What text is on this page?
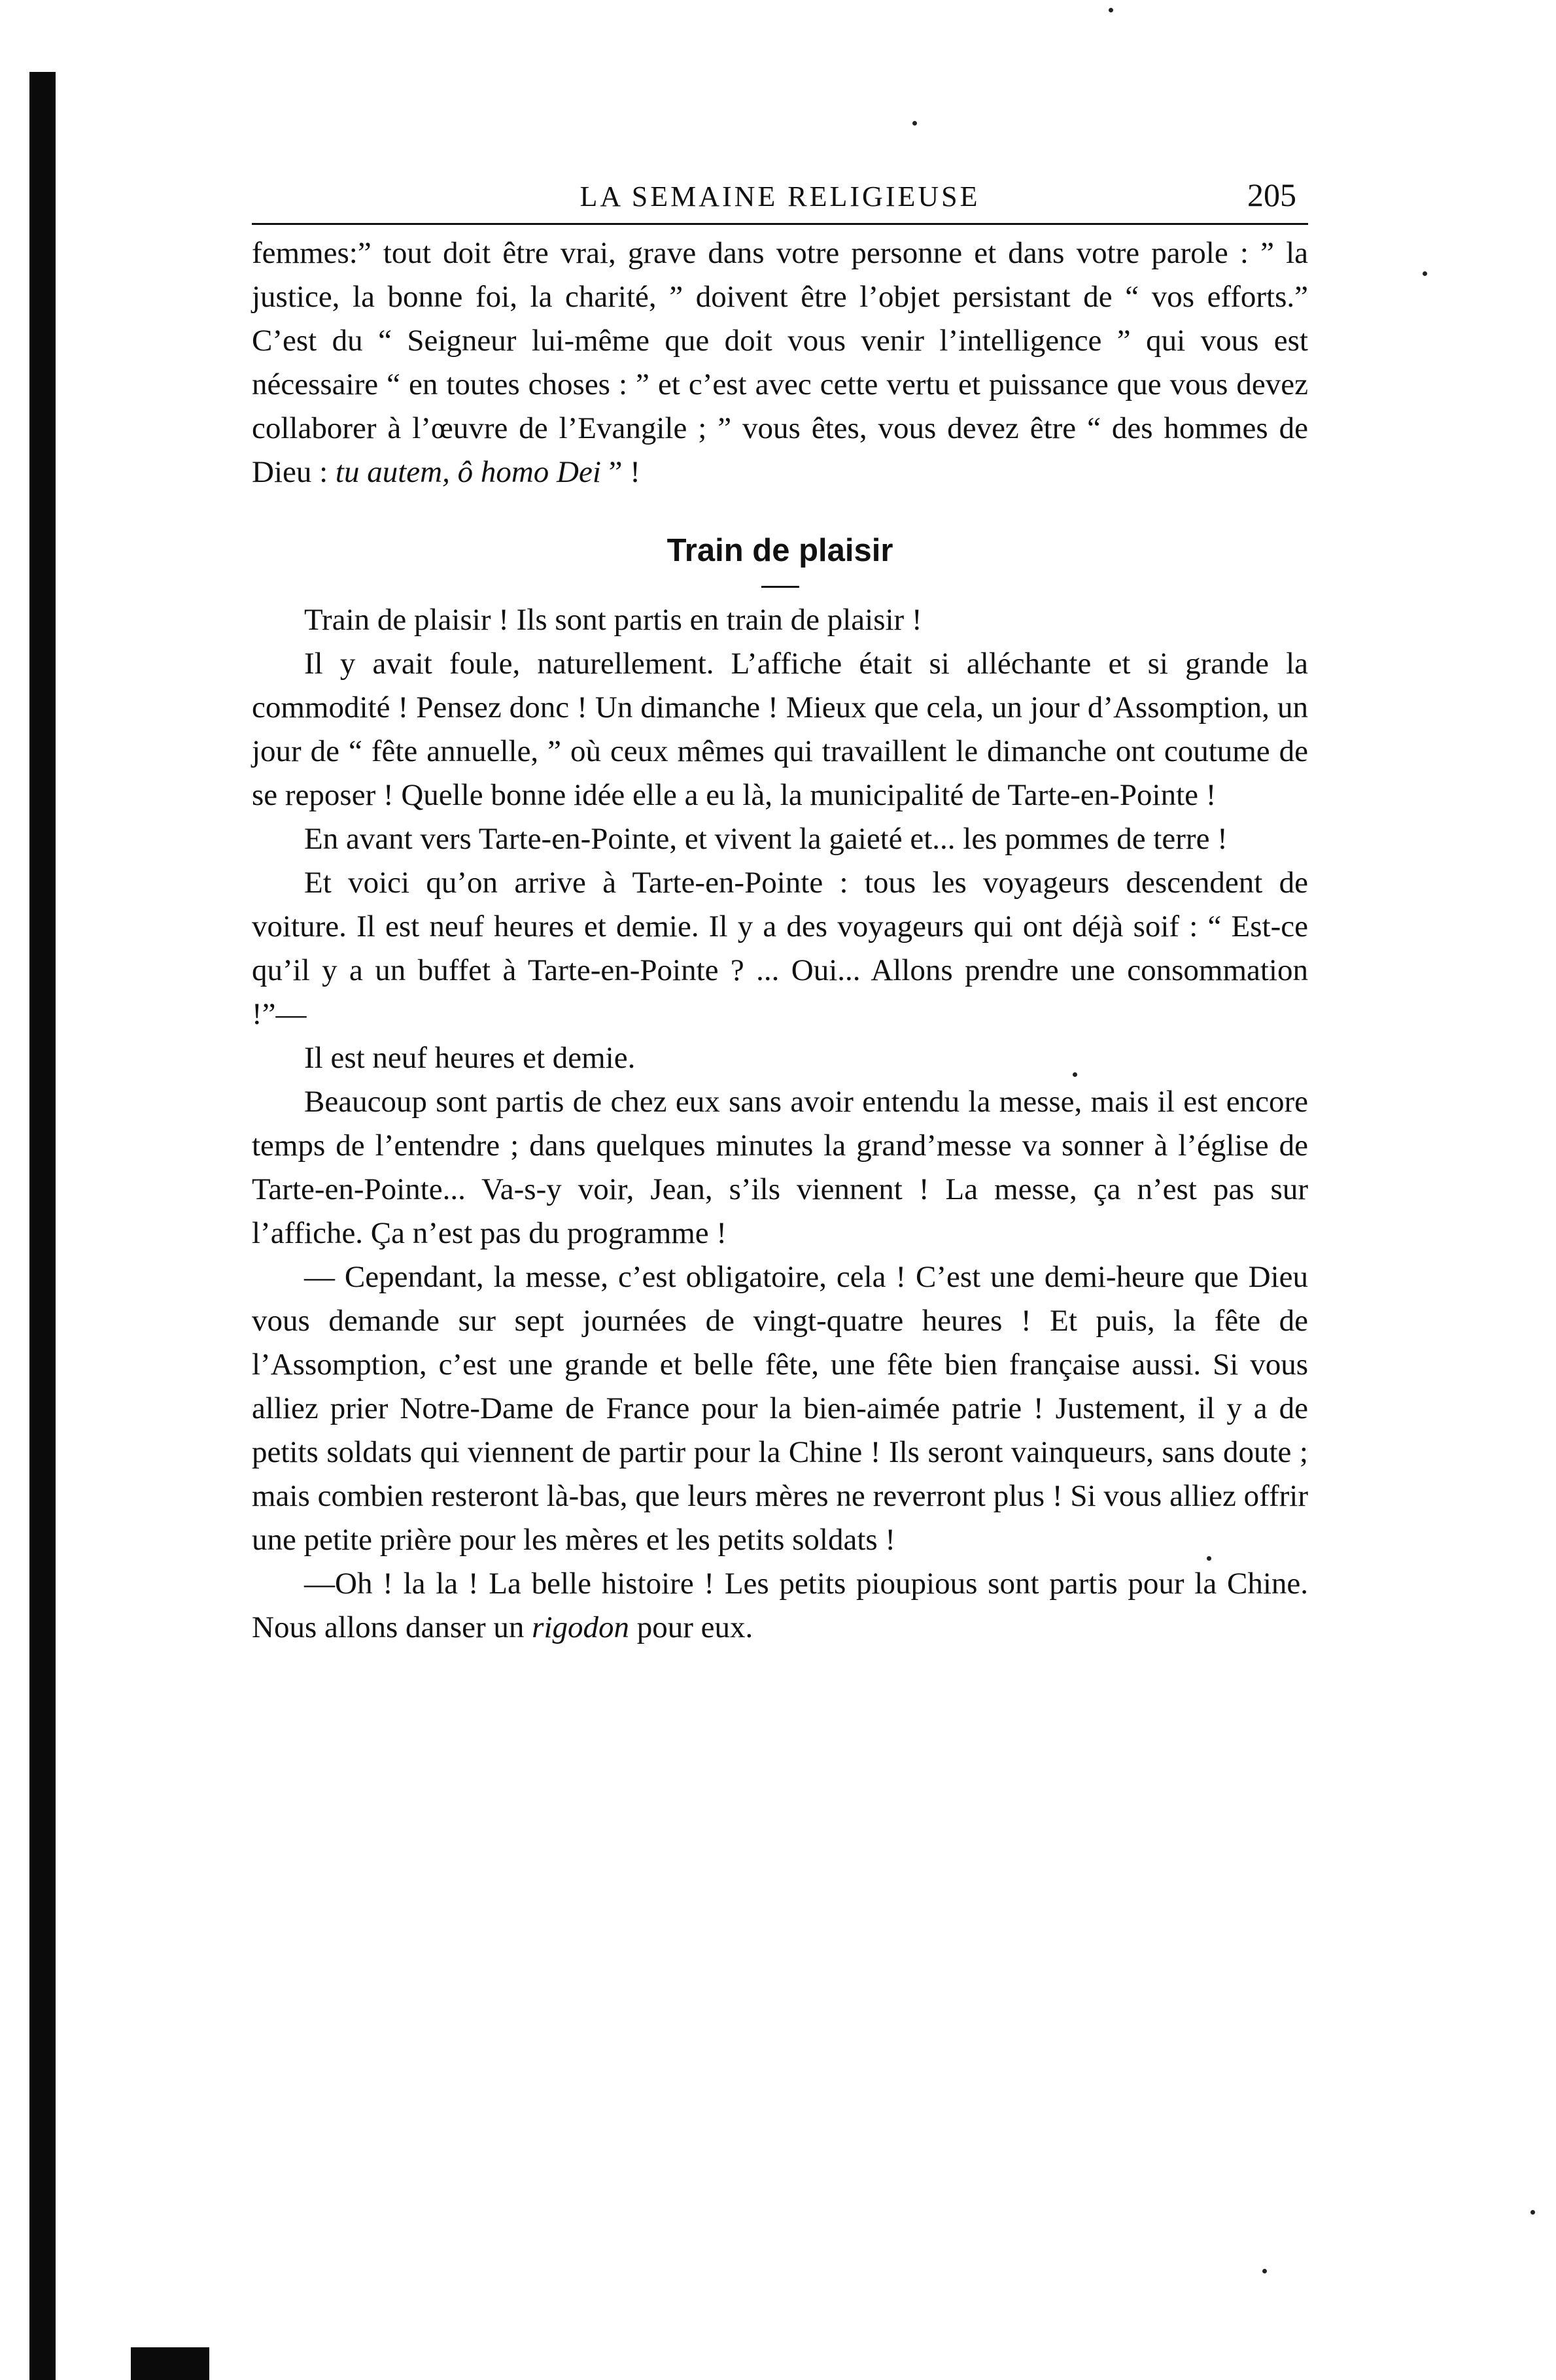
LA SEMAINE RELIGIEUSE	205

femmes:” tout doit être vrai, grave dans votre personne et dans votre parole : ” la justice, la bonne foi, la charité, ” doivent être l’objet persistant de “ vos efforts.” C’est du “ Seigneur lui-même que doit vous venir l’intelligence ” qui vous est nécessaire “ en toutes choses : ” et c’est avec cette vertu et puissance que vous devez collaborer à l’œuvre de l’Evangile ; ” vous êtes, vous devez être “ des hommes de Dieu : tu autem, ô homo Dei ” !

Train de plaisir

Train de plaisir ! Ils sont partis en train de plaisir !

Il y avait foule, naturellement. L’affiche était si alléchante et si grande la commodité ! Pensez donc ! Un dimanche ! Mieux que cela, un jour d’Assomption, un jour de “ fête annuelle, ” où ceux mêmes qui travaillent le dimanche ont coutume de se reposer ! Quelle bonne idée elle a eu là, la municipalité de Tarte-en-Pointe !

En avant vers Tarte-en-Pointe, et vivent la gaieté et... les pommes de terre !

Et voici qu’on arrive à Tarte-en-Pointe : tous les voyageurs descendent de voiture. Il est neuf heures et demie. Il y a des voyageurs qui ont déjà soif : “ Est-ce qu’il y a un buffet à Tarte-en-Pointe ? ... Oui... Allons prendre une consommation !”—

Il est neuf heures et demie.

Beaucoup sont partis de chez eux sans avoir entendu la messe, mais il est encore temps de l’entendre ; dans quelques minutes la grand’messe va sonner à l’église de Tarte-en-Pointe... Va-s-y voir, Jean, s’ils viennent ! La messe, ça n’est pas sur l’affiche. Ça n’est pas du programme !

— Cependant, la messe, c’est obligatoire, cela ! C’est une demi-heure que Dieu vous demande sur sept journées de vingt-quatre heures ! Et puis, la fête de l’Assomption, c’est une grande et belle fête, une fête bien française aussi. Si vous alliez prier Notre-Dame de France pour la bien-aimée patrie ! Justement, il y a de petits soldats qui viennent de partir pour la Chine ! Ils seront vainqueurs, sans doute ; mais combien resteront là-bas, que leurs mères ne reverront plus ! Si vous alliez offrir une petite prière pour les mères et les petits soldats !

—Oh ! la la ! La belle histoire ! Les petits pioupious sont partis pour la Chine. Nous allons danser un rigodon pour eux.
